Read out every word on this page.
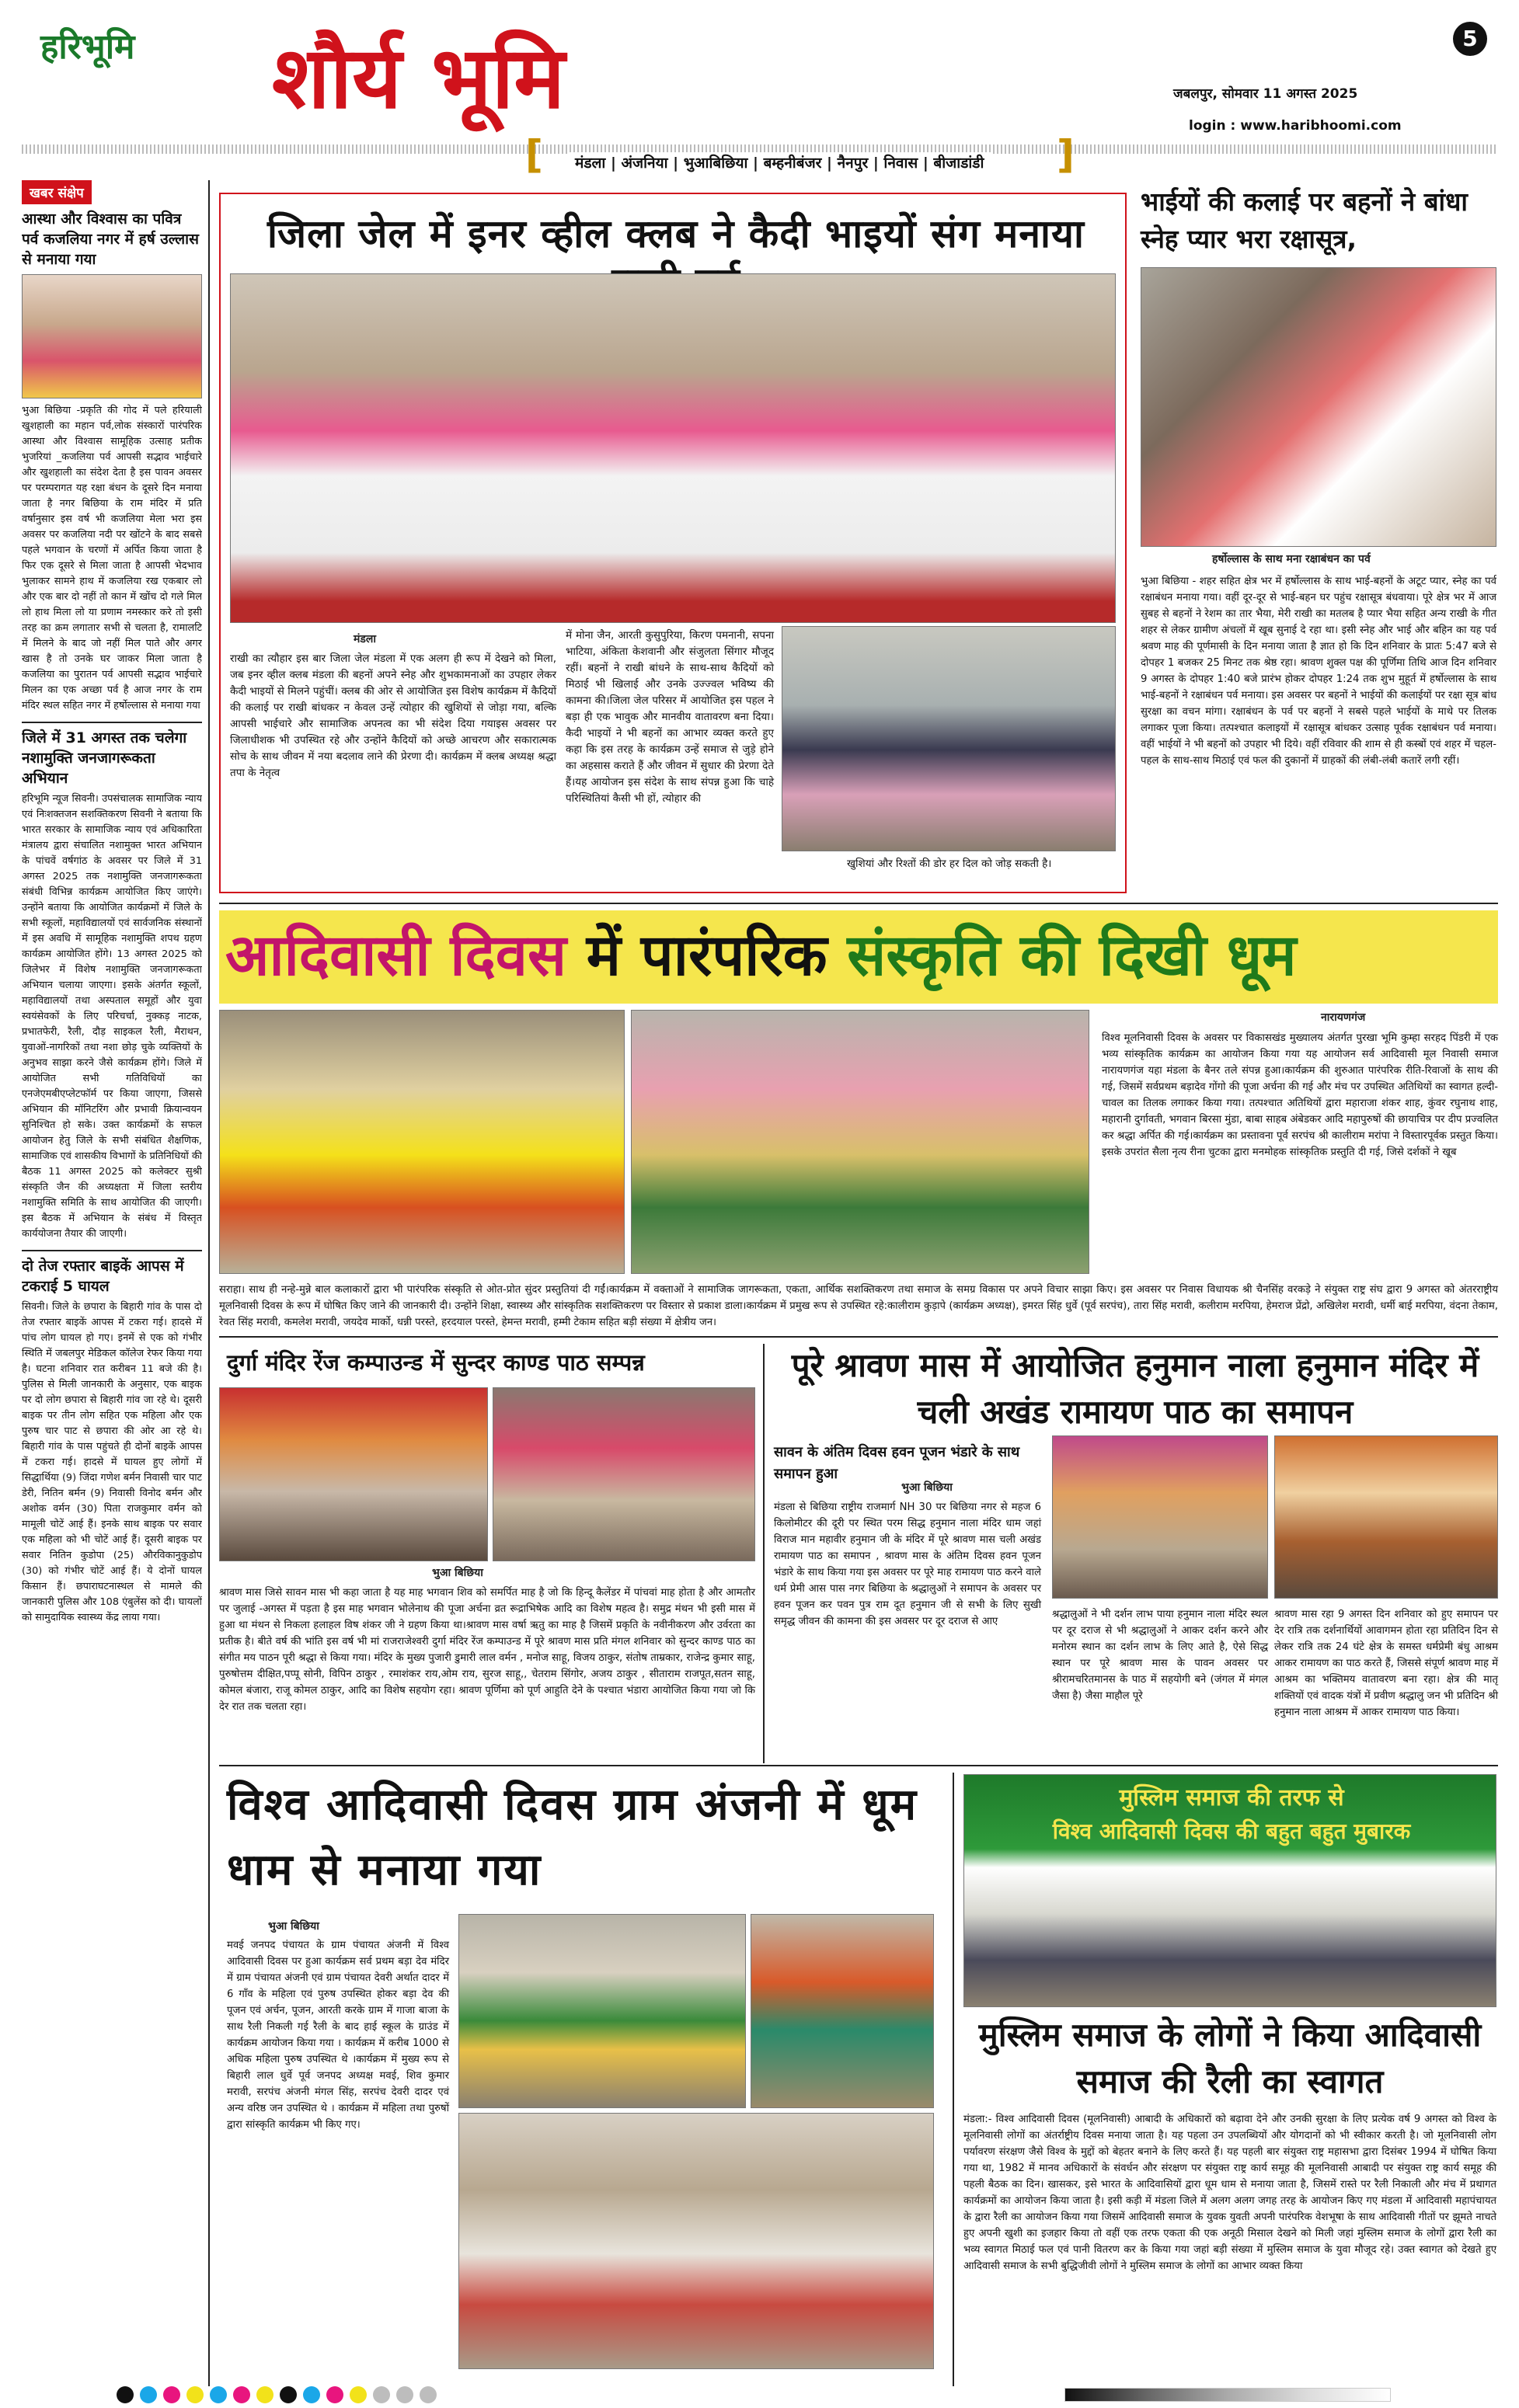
हरिभूमि शौर्य भूमि	5
जबलपुर, सोमवार 11 अगस्त 2025
login : www.haribhoomi.com
[	मंडला | अंजनिया | भुआबिछिया | बम्हनीबंजर | नैनपुर | निवास | बीजाडांडी ]
खबर संक्षेप
आस्था और विश्वास का पवित्र पर्व कजलिया नगर में हर्ष उल्लास से मनाया गया
भुआ बिछिया -प्रकृति की गोद में पले हरियाली खुशहाली का महान पर्व,लोक संस्कारों पारंपरिक आस्था और विश्वास सामूहिक उत्साह प्रतीक भुजरियां _कजलिया पर्व आपसी सद्भाव भाईचारे और खुशहाली का संदेश देता है इस पावन अवसर पर परम्परागत यह रक्षा बंधन के दूसरे दिन मनाया जाता है नगर बिछिया के राम मंदिर में प्रति वर्षानुसार इस वर्ष भी कजलिया मेला भरा इस अवसर पर कजलिया नदी पर खोंटने के बाद सबसे पहले भगवान के चरणों में अर्पित किया जाता है फिर एक दूसरे से मिला जाता है आपसी भेदभाव भुलाकर सामने हाथ में कजलिया रख एकबार लो और एक बार दो नहीं तो कान में खोंच दो गले मिल लो हाथ मिला लो या प्रणाम नमस्कार करे तो इसी तरह का क्रम लगातार सभी से चलता है, रामालटि में मिलने के बाद जो नहीं मिल पाते और अगर खास है तो उनके घर जाकर मिला जाता है कजलिया का पुरातन पर्व आपसी सद्भाव भाईचारे मिलन का एक अच्छा पर्व है आज नगर के राम मंदिर स्थल सहित नगर में हर्षोल्लास से मनाया गया
जिले में 31 अगस्त तक चलेगा नशामुक्ति जनजागरूकता अभियान
हरिभूमि न्यूज सिवनी। उपसंचालक सामाजिक न्याय एवं निःशक्तजन सशक्तिकरण सिवनी ने बताया कि भारत सरकार के सामाजिक न्याय एवं अधिकारिता मंत्रालय द्वारा संचालित नशामुक्त भारत अभियान के पांचवें वर्षगांठ के अवसर पर जिले में 31 अगस्त 2025 तक नशामुक्ति जनजागरूकता संबंधी विभिन्न कार्यक्रम आयोजित किए जाएंगे। उन्होंने बताया कि आयोजित कार्यक्रमों में जिले के सभी स्कूलों, महाविद्यालयों एवं सार्वजनिक संस्थानों में इस अवधि में सामूहिक नशामुक्ति शपथ ग्रहण कार्यक्रम आयोजित होंगे। 13 अगस्त 2025 को जिलेभर में विशेष नशामुक्ति जनजागरूकता अभियान चलाया जाएगा। इसके अंतर्गत स्कूलों, महाविद्यालयों तथा अस्पताल समूहों और युवा स्वयंसेवकों के लिए परिचर्चा, नुक्कड़ नाटक, प्रभातफेरी, रैली, दौड़ साइकल रैली, मैराथन, युवाओं-नागरिकों तथा नशा छोड़ चुके व्यक्तियों के अनुभव साझा करने जैसे कार्यक्रम होंगे। जिले में आयोजित सभी गतिविधियों का एनजेएमबीएप्लेटफॉर्म पर किया जाएगा, जिससे अभियान की मॉनिटरिंग और प्रभावी क्रियान्वयन सुनिश्चित हो सके। उक्त कार्यक्रमों के सफल आयोजन हेतु जिले के सभी संबंधित शैक्षणिक, सामाजिक एवं शासकीय विभागों के प्रतिनिधियों की बैठक 11 अगस्त 2025 को कलेक्टर सुश्री संस्कृति जैन की अध्यक्षता में जिला स्तरीय नशामुक्ति समिति के साथ आयोजित की जाएगी। इस बैठक में अभियान के संबंध में विस्तृत कार्ययोजना तैयार की जाएगी।
दो तेज रफ्तार बाइकें आपस में टकराई 5 घायल
सिवनी। जिले के छपारा के बिहारी गांव के पास दो तेज रफ्तार बाइकें आपस में टकरा गई। हादसे में पांच लोग घायल हो गए। इनमें से एक को गंभीर स्थिति में जबलपुर मेडिकल कॉलेज रेफर किया गया है। घटना शनिवार रात करीबन 11 बजे की है। पुलिस से मिली जानकारी के अनुसार, एक बाइक पर दो लोग छपारा से बिहारी गांव जा रहे थे। दूसरी बाइक पर तीन लोग सहित एक महिला और एक पुरुष चार पाट से छपारा की ओर आ रहे थे। बिहारी गांव के पास पहुंचते ही दोनों बाइकें आपस में टकरा गई। हादसे में घायल हुए लोगों में सिद्धार्थिया (9) जिंदा गणेश बर्मन निवासी चार पाट डेरी, नितिन बर्मन (9) निवासी विनोद बर्मन और अशोक वर्मन (30) पिता राजकुमार वर्मन को मामूली चोटें आई हैं। इनके साथ बाइक पर सवार एक महिला को भी चोटें आई हैं। दूसरी बाइक पर सवार नितिन कुडोपा (25) औरविकानुकुडोप (30) को गंभीर चोटें आई हैं। ये दोनों घायल किसान हैं। छपाराघटनास्थल से मामले की जानकारी पुलिस और 108 एंबुलेंस को दी। घायलों को सामुदायिक स्वास्थ्य केंद्र लाया गया।
जिला जेल में इनर व्हील क्लब ने कैदी भाइयों संग मनाया
मंडला
राखी का त्यौहार इस बार जिला जेल मंडला में एक अलग ही रूप में देखने को मिला, जब इनर व्हील क्लब मंडला की बहनों अपने स्नेह और शुभकामनाओं का उपहार लेकर कैदी भाइयों से मिलने पहुंचीं। क्लब की ओर से आयोजित इस विशेष कार्यक्रम में कैदियों की कलाई पर राखी बांधकर न केवल उन्हें त्योहार की खुशियों से जोड़ा गया, बल्कि आपसी भाईचारे और सामाजिक अपनत्व का भी संदेश दिया गयाइस अवसर पर जिलाधीशक भी उपस्थित रहे और उन्होंने कैदियों को अच्छे आचरण और सकारात्मक सोच के साथ जीवन में नया बदलाव लाने की प्रेरणा दी। कार्यक्रम में क्लब अध्यक्ष श्रद्धा तपा के नेतृत्व
में मोना जैन, आरती कुसुपुरिया, किरण पमनानी, सपना भाटिया, अंकिता केशवानी और संजुलता सिंगार मौजूद रहीं। बहनों ने राखी बांधने के साथ-साथ कैदियों को मिठाई भी खिलाई और उनके उज्ज्वल भविष्य की कामना की।जिला जेल परिसर में आयोजित इस पहल ने बड़ा ही एक भावुक और मानवीय वातावरण बना दिया। कैदी भाइयों ने भी बहनों का आभार व्यक्त करते हुए कहा कि इस तरह के कार्यक्रम उन्हें समाज से जुड़े होने का अहसास कराते हैं और जीवन में सुधार की प्रेरणा देते हैं।यह आयोजन इस संदेश के साथ संपन्न हुआ कि चाहे परिस्थितियां कैसी भी हों, त्योहार की
खुशियां और रिश्तों की डोर हर दिल को जोड़ सकती है।
भाईयों की कलाई पर बहनों ने बांधा स्नेह प्यार भरा रक्षासूत्र,
हर्षोल्लास के साथ मना रक्षाबंधन का पर्व
भुआ बिछिया - शहर सहित क्षेत्र भर में हर्षोल्लास के साथ भाई-बहनों के अटूट प्यार, स्नेह का पर्व रक्षाबंधन मनाया गया। वहीं दूर-दूर से भाई-बहन घर पहुंच रक्षासूत्र बंधवाया। पूरे क्षेत्र भर में आज सुबह से बहनों ने रेशम का तार भैया, मेरी राखी का मतलब है प्यार भैया सहित अन्य राखी के गीत शहर से लेकर ग्रामीण अंचलों में खूब सुनाई दे रहा था। इसी स्नेह और भाई और बहिन का यह पर्व श्रवण माह की पूर्णमासी के दिन मनाया जाता है ज्ञात हो कि दिन शनिवार के प्रातः 5:47 बजे से दोपहर 1 बजकर 25 मिनट तक श्रेष्ठ रहा। श्रावण शुक्ल पक्ष की पूर्णिमा तिथि आज दिन शनिवार 9 अगस्त के दोपहर 1:40 बजे प्रारंभ होकर दोपहर 1:24 तक शुभ मुहूर्त में हर्षोल्लास के साथ भाई-बहनों ने रक्षाबंधन पर्व मनाया। इस अवसर पर बहनों ने भाईयों की कलाईयों पर रक्षा सूत्र बांध सुरक्षा का वचन मांगा। रक्षाबंधन के पर्व पर बहनों ने सबसे पहले भाईयों के माथे पर तिलक लगाकर पूजा किया। तत्पश्चात कलाइयों में रक्षासूत्र बांधकर उत्साह पूर्वक रक्षाबंधन पर्व मनाया। वहीं भाईयों ने भी बहनों को उपहार भी दिये। वहीं रविवार की शाम से ही कस्बों एवं शहर में चहल-पहल के साथ-साथ मिठाई एवं फल की दुकानों में ग्राहकों की लंबी-लंबी कतारें लगी रहीं।
आदिवासी दिवस में पारंपरिक संस्कृति की दिखी धूम
नारायणगंज
विश्व मूलनिवासी दिवस के अवसर पर विकासखंड मुख्यालय अंतर्गत पुरखा भूमि कुम्हा सरहद पिंडरी में एक भव्य सांस्कृतिक कार्यक्रम का आयोजन किया गया यह आयोजन सर्व आदिवासी मूल निवासी समाज नारायणगंज यहा मंडला के बैनर तले संपन्न हुआ।कार्यक्रम की शुरुआत पारंपरिक रीति-रिवाजों के साथ की गई, जिसमें सर्वप्रथम बड़ादेव गोंगो की पूजा अर्चना की गई और मंच पर उपस्थित अतिथियों का स्वागत हल्दी-चावल का तिलक लगाकर किया गया। तत्पश्चात अतिथियों द्वारा महाराजा शंकर शाह, कुंवर रघुनाथ शाह, महारानी दुर्गावती, भगवान बिरसा मुंडा, बाबा साहब अंबेडकर आदि महापुरुषों की छायाचित्र पर दीप प्रज्वलित कर श्रद्धा अर्पित की गई।कार्यक्रम का प्रस्तावना पूर्व सरपंच श्री कालीराम मरांपा ने विस्तारपूर्वक प्रस्तुत किया। इसके उपरांत सैला नृत्य रीना चुटका द्वारा मनमोहक सांस्कृतिक प्रस्तुति दी गई, जिसे दर्शकों ने खूब
सराहा। साथ ही नन्हे-मुन्ने बाल कलाकारों द्वारा भी पारंपरिक संस्कृति से ओत-प्रोत सुंदर प्रस्तुतियां दी गईं।कार्यक्रम में वक्ताओं ने सामाजिक जागरूकता, एकता, आर्थिक सशक्तिकरण तथा समाज के समग्र विकास पर अपने विचार साझा किए। इस अवसर पर निवास विधायक श्री चैनसिंह वरकड़े ने संयुक्त राष्ट्र संघ द्वारा 9 अगस्त को अंतरराष्ट्रीय मूलनिवासी दिवस के रूप में घोषित किए जाने की जानकारी दी। उन्होंने शिक्षा, स्वास्थ्य और सांस्कृतिक सशक्तिकरण पर विस्तार से प्रकाश डाला।कार्यक्रम में प्रमुख रूप से उपस्थित रहे:कालीराम कुड़ापे (कार्यक्रम अध्यक्ष), इमरत सिंह धुर्वे (पूर्व सरपंच), तारा सिंह मरावी, कलीराम मरपिया, हेमराज प्रेंद्रो, अखिलेश मरावी, धर्मी बाई मरपिया, वंदना तेकाम, रेवत सिंह मरावी, कमलेश मरावी, जयदेव मार्को, धन्नी परस्ते, हरदयाल परस्ते, हेमन्त मरावी, हम्मी टेकाम सहित बड़ी संख्या में क्षेत्रीय जन।
दुर्गा मंदिर रेंज कम्पाउन्ड में सुन्दर काण्ड पाठ सम्पन्न
भुआ बिछिया
श्रावण मास जिसे सावन मास भी कहा जाता है यह माह भगवान शिव को समर्पित माह है जो कि हिन्दू कैलेंडर में पांचवां माह होता है और आमतौर पर जुलाई -अगस्त में पड़ता है इस माह भगवान भोलेनाथ की पूजा अर्चना व्रत रूद्राभिषेक आदि का विशेष महत्व है। समुद्र मंथन भी इसी मास में हुआ था मंथन से निकला हलाहल विष शंकर जी ने ग्रहण किया था।श्रावण मास वर्षा ऋतु का माह है जिसमें प्रकृति के नवीनीकरण और उर्वरता का प्रतीक है। बीते वर्ष की भांति इस वर्ष भी मां राजराजेश्वरी दुर्गा मंदिर रेंज कम्पाउन्ड में पूरे श्रावण मास प्रति मंगल शनिवार को सुन्दर काण्ड पाठ का संगीत मय पाठन पूरी श्रद्धा से किया गया। मंदिर के मुख्य पुजारी डुमारी लाल वर्मन , मनोज साहू, विजय ठाकुर, संतोष ताम्रकार, राजेन्द्र कुमार साहू, पुरुषोत्तम दीक्षित,पप्पू सोनी, विपिन ठाकुर , रमाशंकर राय,ओम राय, सुरज साहू,, चेतराम सिंगोर, अजय ठाकुर , सीताराम राजपूत,सतन साहू, कोमल बंजारा, राजू कोमल ठाकुर, आदि का विशेष सहयोग रहा। श्रावण पूर्णिमा को पूर्ण आहुति देने के पश्चात भंडारा आयोजित किया गया जो कि देर रात तक चलता रहा।
पूरे श्रावण मास में आयोजित हनुमान नाला हनुमान मंदिर में चली अखंड रामायण पाठ का समापन
सावन के अंतिम दिवस हवन पूजन भंडारे के साथ समापन हुआ
भुआ बिछिया
मंडला से बिछिया राष्ट्रीय राजमार्ग NH 30 पर बिछिया नगर से महज 6 किलोमीटर की दूरी पर स्थित परम सिद्ध हनुमान नाला मंदिर धाम जहां विराज मान महावीर हनुमान जी के मंदिर में पूरे श्रावण मास चली अखंड रामायण पाठ का समापन , श्रावण मास के अंतिम दिवस हवन पूजन भंडारे के साथ किया गया इस अवसर पर पूरे माह रामायण पाठ करने वाले धर्म प्रेमी आस पास नगर बिछिया के श्रद्धालुओं ने समापन के अवसर पर हवन पूजन कर पवन पुत्र राम दूत हनुमान जी से सभी के लिए सुखी समृद्ध जीवन की कामना की इस अवसर पर दूर दराज से आए
श्रद्धालुओं ने भी दर्शन लाभ पाया हनुमान नाला मंदिर स्थल पर दूर दराज से भी श्रद्धालुओं ने आकर दर्शन करने और मनोरम स्थान का दर्शन लाभ के लिए आते है, ऐसे सिद्ध स्थान पर पूरे श्रावण मास के पावन अवसर पर श्रीरामचरितमानस के पाठ में सहयोगी बने (जंगल में मंगल जैसा है) जैसा माहौल पूरे
श्रावण मास रहा 9 अगस्त दिन शनिवार को हुए समापन पर देर रात्रि तक दर्शनार्थियों आवागमन होता रहा प्रतिदिन दिन से लेकर रात्रि तक 24 घंटे क्षेत्र के समस्त धर्मप्रेमी बंधु आश्रम आकर रामायण का पाठ करते हैं, जिससे संपूर्ण श्रावण माह में आश्रम का भक्तिमय वातावरण बना रहा। क्षेत्र की मातृ शक्तियों एवं वादक यंत्रों में प्रवीण श्रद्धालु जन भी प्रतिदिन श्री हनुमान नाला आश्रम में आकर रामायण पाठ किया।
विश्व आदिवासी दिवस ग्राम अंजनी में धूम धाम से मनाया गया
भुआ बिछिया
मवई जनपद पंचायत के ग्राम पंचायत अंजनी में विश्व आदिवासी दिवस पर हुआ कार्यक्रम सर्व प्रथम बड़ा देव मंदिर में ग्राम पंचायत अंजनी एवं ग्राम पंचायत देवरी अर्थात दादर में 6 गाँव के महिला एवं पुरुष उपस्थित होकर बड़ा देव की पूजन एवं अर्चन, पूजन, आरती करके ग्राम में गाजा बाजा के साथ रैली निकली गई रैली के बाद हाई स्कूल के ग्राउंड में कार्यक्रम आयोजन किया गया । कार्यक्रम में करीब 1000 से अधिक महिला पुरुष उपस्थित थे ।कार्यक्रम में मुख्य रूप से बिहारी लाल धुर्वे पूर्व जनपद अध्यक्ष मवई, शिव कुमार मरावी, सरपंच अंजनी मंगल सिंह, सरपंच देवरी दादर एवं अन्य वरिष्ठ जन उपस्थित थे । कार्यक्रम में महिला तथा पुरुषों द्वारा सांस्कृति कार्यक्रम भी किए गए।
मुस्लिम समाज की तरफ से
विश्व आदिवासी दिवस की बहुत बहुत मुबारक
मुस्लिम समाज के लोगों ने किया आदिवासी समाज की रैली का स्वागत
मंडला:- विश्व आदिवासी दिवस (मूलनिवासी) आबादी के अधिकारों को बढ़ावा देने और उनकी सुरक्षा के लिए प्रत्येक वर्ष 9 अगस्त को विश्व के मूलनिवासी लोगों का अंतर्राष्ट्रीय दिवस मनाया जाता है। यह पहला उन उपलब्धियों और योगदानों को भी स्वीकार करती है। जो मूलनिवासी लोग पर्यावरण संरक्षण जैसे विश्व के मुद्दों को बेहतर बनाने के लिए करते हैं। यह पहली बार संयुक्त राष्ट्र महासभा द्वारा दिसंबर 1994 में घोषित किया गया था, 1982 में मानव अधिकारों के संवर्धन और संरक्षण पर संयुक्त राष्ट्र कार्य समूह की मूलनिवासी आबादी पर संयुक्त राष्ट्र कार्य समूह की पहली बैठक का दिन। खासकर, इसे भारत के आदिवासियों द्वारा धूम धाम से मनाया जाता है, जिसमें रास्ते पर रैली निकाली और मंच में प्रथागत कार्यक्रमों का आयोजन किया जाता है। इसी कड़ी में मंडला जिले में अलग अलग जगह तरह के आयोजन किए गए मंडला में आदिवासी महापंचायत के द्वारा रैली का आयोजन किया गया जिसमें आदिवासी समाज के युवक युवती अपनी पारंपरिक वेशभूषा के साथ आदिवासी गीतों पर झूमते नाचते हुए अपनी खुशी का इजहार किया तो वहीं एक तरफ एकता की एक अनूठी मिसाल देखने को मिली जहां मुस्लिम समाज के लोगों द्वारा रैली का भव्य स्वागत मिठाई फल एवं पानी वितरण कर के किया गया जहां बड़ी संख्या में मुस्लिम समाज के युवा मौजूद रहे। उक्त स्वागत को देखते हुए आदिवासी समाज के सभी बुद्धिजीवी लोगों ने मुस्लिम समाज के लोगों का आभार व्यक्त किया
